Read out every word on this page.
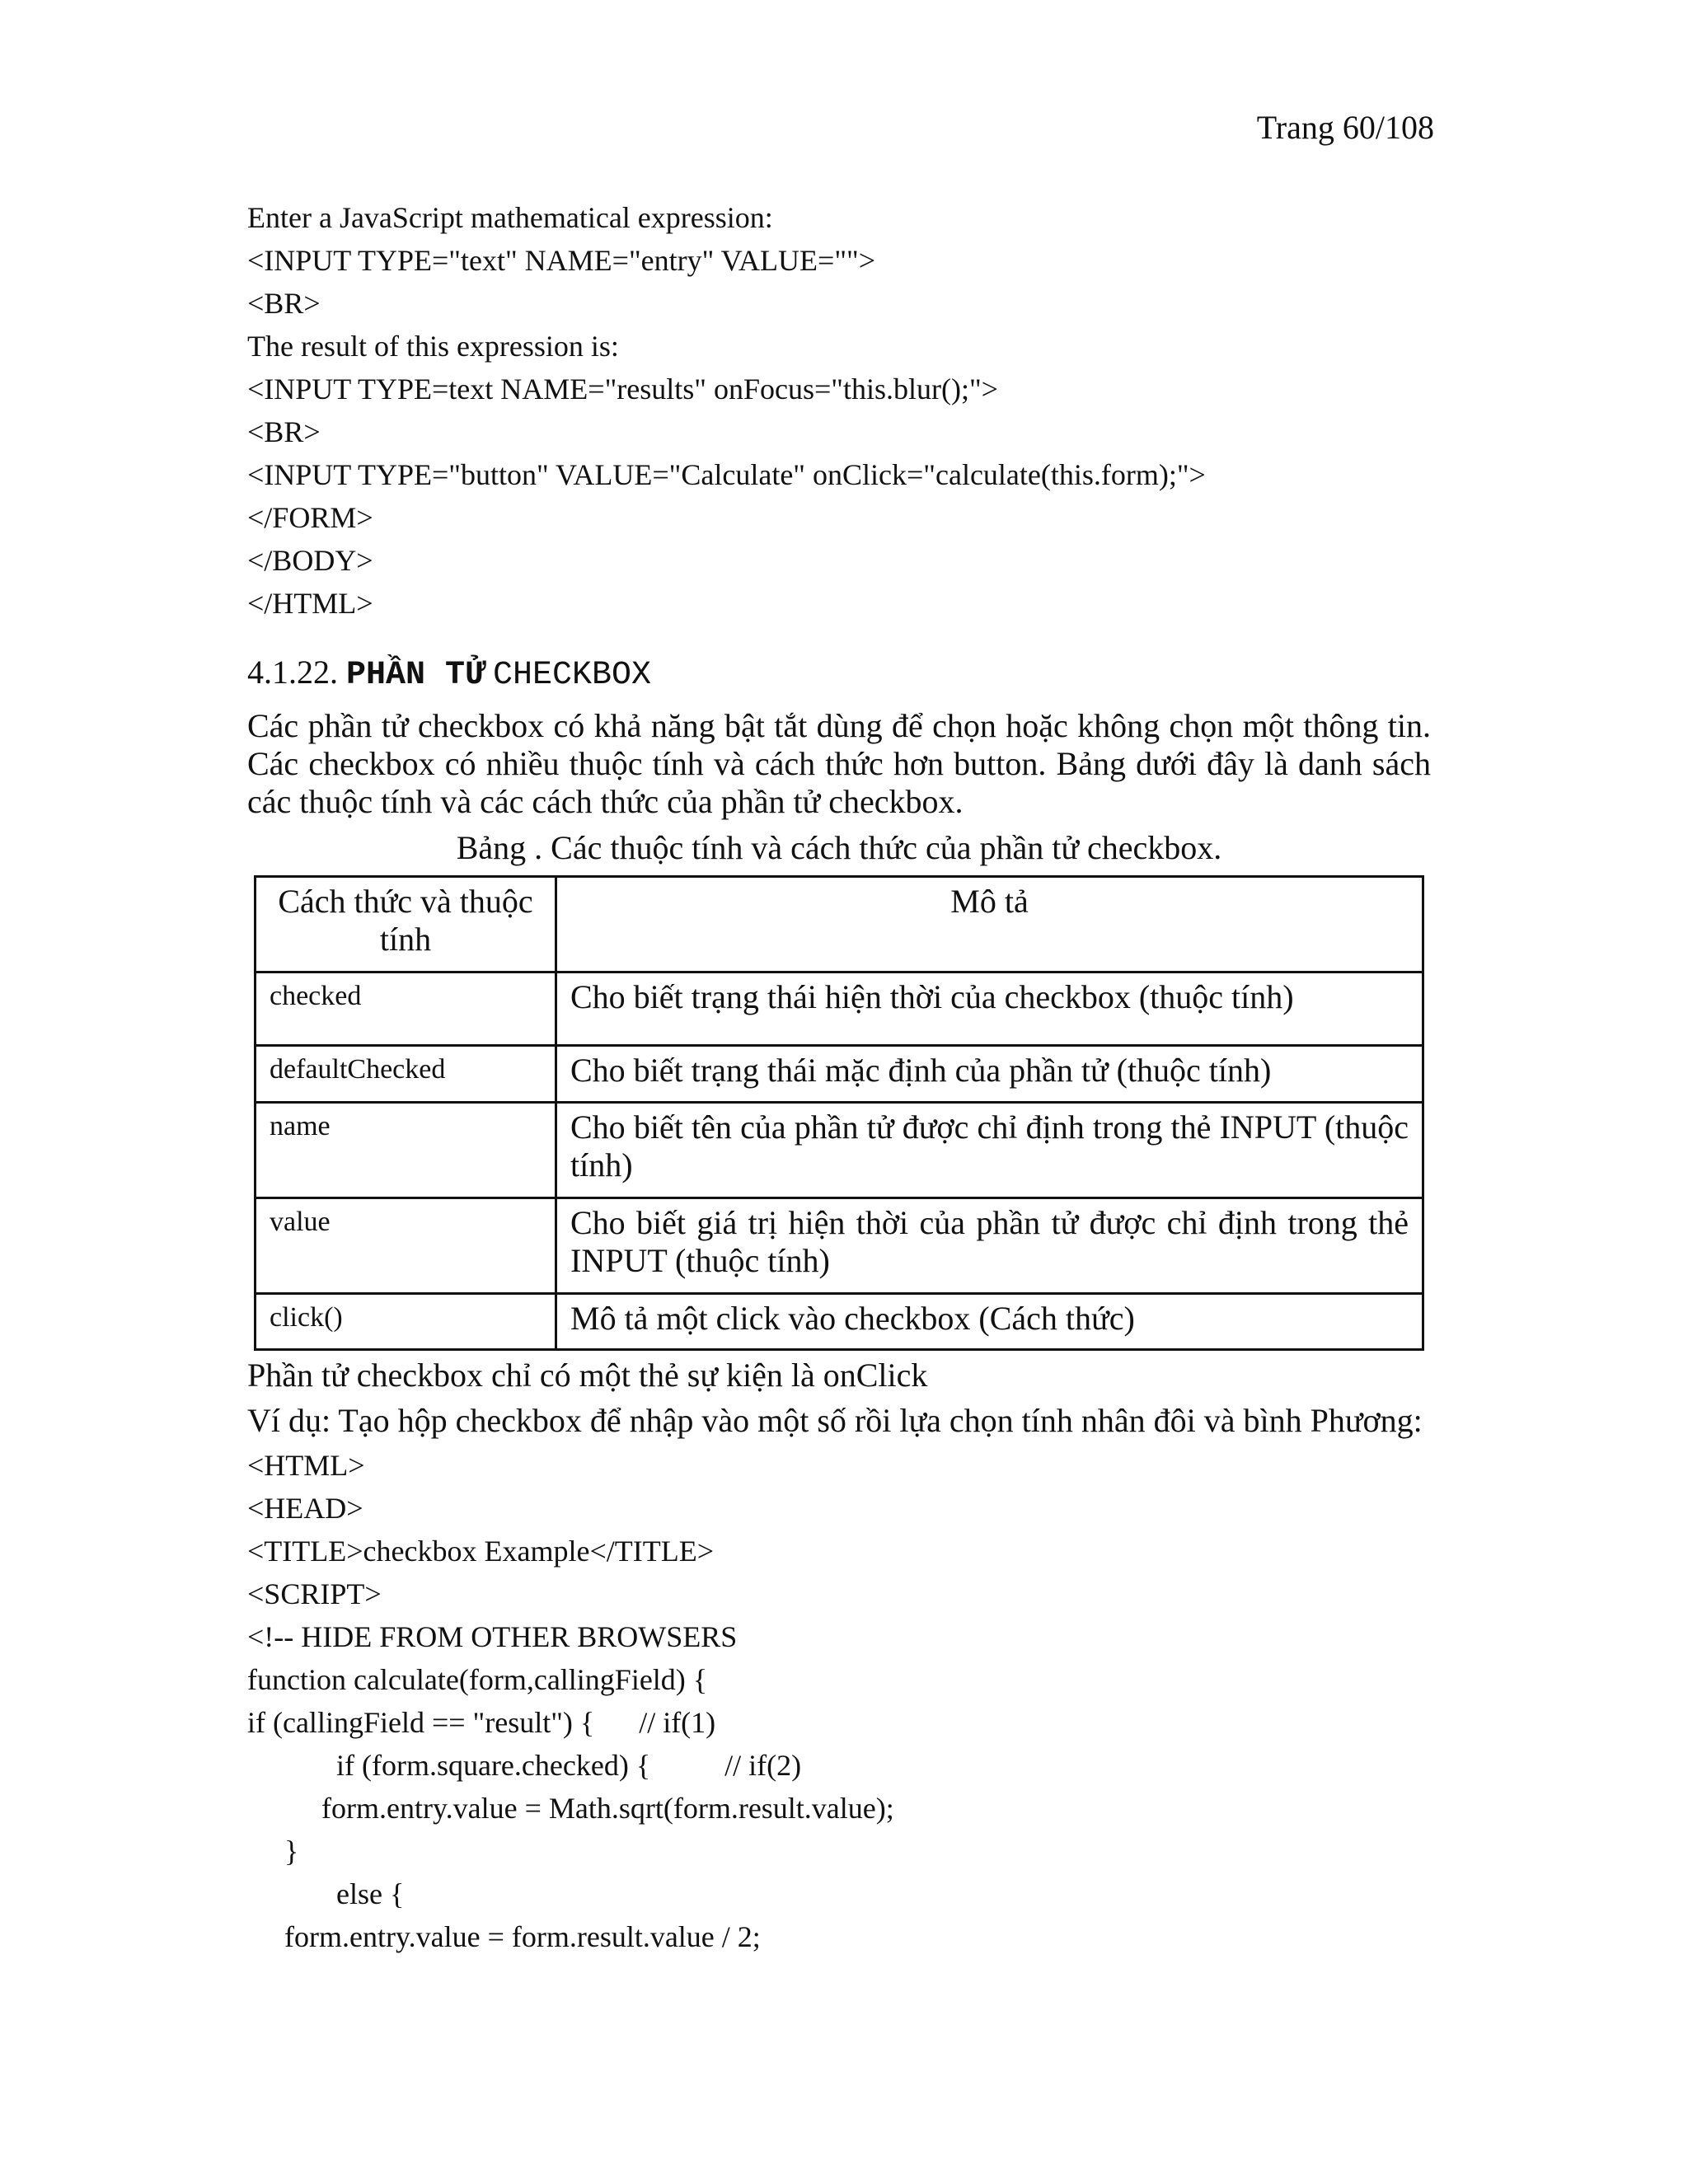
Trang 60/108
Enter a JavaScript mathematical expression:
<INPUT TYPE="text" NAME="entry" VALUE="">
<BR>
The result of this expression is:
<INPUT TYPE=text NAME="results" onFocus="this.blur();">
<BR>
<INPUT TYPE="button" VALUE="Calculate" onClick="calculate(this.form);">
</FORM>
</BODY>
</HTML>
4.1.22. PHẦN TỬ CHECKBOX

Các phần tử checkbox có khả năng bật tắt dùng để chọn hoặc không chọn một thông tin. Các checkbox có nhiều thuộc tính và cách thức hơn button. Bảng dưới đây là danh sách các thuộc tính và các cách thức của phần tử checkbox.

Bảng . Các thuộc tính và cách thức của phần tử checkbox.
Cách thức và thuộc tính	Mô tả
checked	Cho biết trạng thái hiện thời của checkbox (thuộc tính)
defaultChecked	Cho biết trạng thái mặc định của phần tử (thuộc tính)
name	Cho biết tên của phần tử được chỉ định trong thẻ INPUT (thuộc tính)
value	Cho biết giá trị hiện thời của phần tử được chỉ định trong thẻ INPUT (thuộc tính)
click()	Mô tả một click vào checkbox (Cách thức)
Phần tử checkbox chỉ có một thẻ sự kiện là onClick
Ví dụ: Tạo hộp checkbox để nhập vào một số rồi lựa chọn tính nhân đôi và bình Phương:
<HTML>
<HEAD>
<TITLE>checkbox Example</TITLE>
<SCRIPT>
<!-- HIDE FROM OTHER BROWSERS
function calculate(form,callingField) {
if (callingField == "result") {      // if(1)
if (form.square.checked) {          // if(2)
form.entry.value = Math.sqrt(form.result.value);
}
else {
form.entry.value = form.result.value / 2;
